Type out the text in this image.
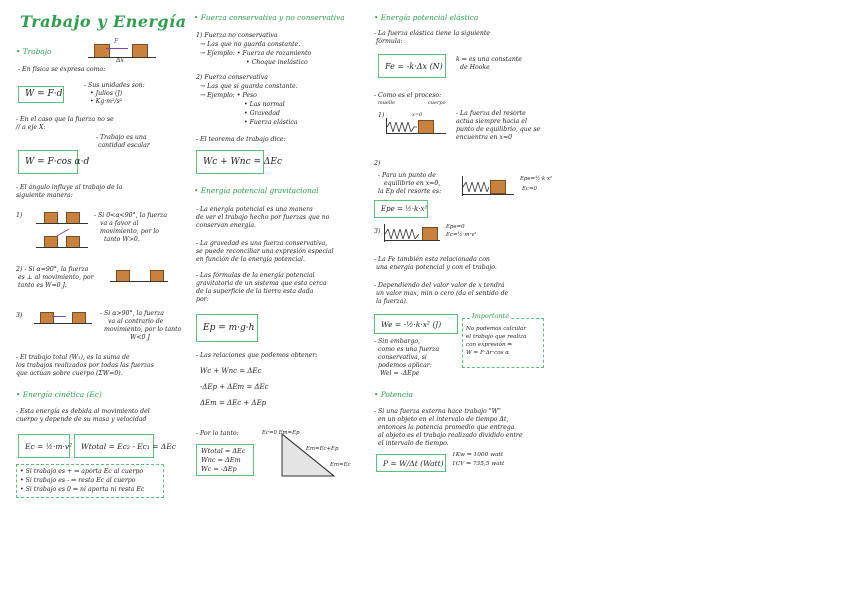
Trabajo y Energía
• Trabajo
F
Δx
- En física se expresa como:
W = F·d
- Sus unidades son:
• Julios (J)
• Kg·m²/s²
- En el caso que la fuerza no se
// a eje X:
- Trabajo es una
cantidad escalar
W = F·cos α·d
- El ángulo influye al trabajo de la
siguiente manera:
1)	- Si 0<α<90°, la fuerza
va a favor al
movimiento, por lo
tanto W>0.
2) - Si α=90°, la fuerza
es ⊥ al movimiento, por
tanto es W=0 J.
3)	- Si α>90°, la fuerza
va al contrario de
movimiento, por lo tanto
W<0 J
- El trabajo total (W₁), es la suma de
los trabajos realizados por todas las fuerzas
que actúan sobre cuerpo (ΣW=0).
• Energía cinética (Ec)
- Esta energía es debida al movimiento del
cuerpo y depende de su masa y velocidad
Ec = ½·m·v²	Wtotal = Ec₂ - Ec₁ = ΔEc
• Si trabajo es + ⇒ aporta Ec al cuerpo
• Si trabajo es - ⇒ resta Ec al cuerpo
• Si trabajo es 0 ⇒ ni aporta ni resta Ec
• Fuerza conservativa y no conservativa
1) Fuerza no conservativa
→ Las que no guarda constante.
→ Ejemplo: • Fuerza de rozamiento
• Choque inelástico
2) Fuerza conservativa
→ Las que si guarda constante.
→ Ejemplo: • Peso
• Las normal
• Gravedad
• Fuerza elástica
- El teorema de trabajo dice:
Wc + Wnc = ΔEc
• Energía potencial gravitacional
- La energía potencial es una manera
de ver el trabajo hecho por fuerzas que no
conservan energía.
- La gravedad es una fuerza conservativa,
se puede reconciliar una expresión especial
en función de la energía potencial.
- Las fórmulas de la energía potencial
gravitatoria de un sistema que esta cerca
de la superficie de la tierra esta dada
por:
Ep = m·g·h
- Las relaciones que podemos obtener:
Wc + Wnc = ΔEc
-ΔEp + ΔEm = ΔEc
ΔEm = ΔEc + ΔEp
- Por lo tanto:
Wtotal = ΔEc
Wnc = ΔEm
Wc = -ΔEp
Ec=0 Em=Ep
Em=Ec+Ep
Em=Ec
• Energía potencial elástica
- La fuerza elástica tiene la siguiente
fórmula:
Fe = -k·Δx (N)
k ⇒ es una constante
de Hooke
- Como es el proceso:
muelle	cuerpo
1)	x=0	- La fuerza del resorte
actúa siempre hacia el
punto de equilibrio, que se
encuentra en x=0
2)
- Para un punto de
equilibrio en x=0,
la Ep del resorte es:
Epe = ½·k·x²
Epe=½·k·x²
Ec=0
3)
Epe=0
Ec=½·m·v²
- La Fe también esta relacionada con
una energía potencial y con el trabajo.
- Dependiendo del valor valor de x tendrá
un valor max, min o cero (da el sentido de
la fuerza).
We = -½·k·x² (J)
Importante
No podemos calcular
el trabajo que realiza
con expresión ⇒
W = F·Δr·cos α
- Sin embargo,
como es una fuerza
conservativa, si
podemos aplicar:
Wel = -ΔEpe
• Potencia
- Si una fuerza externa hace trabajo "W"
en un objeto en el intervalo de tiempo Δt,
entonces la potencia promedio que entrega
al objeto es el trabajo realizado dividido entre
el intervalo de tiempo.
P = W/Δt (Watt)
1Kw ⇒ 1000 watt
1CV ⇒ 735,5 watt
